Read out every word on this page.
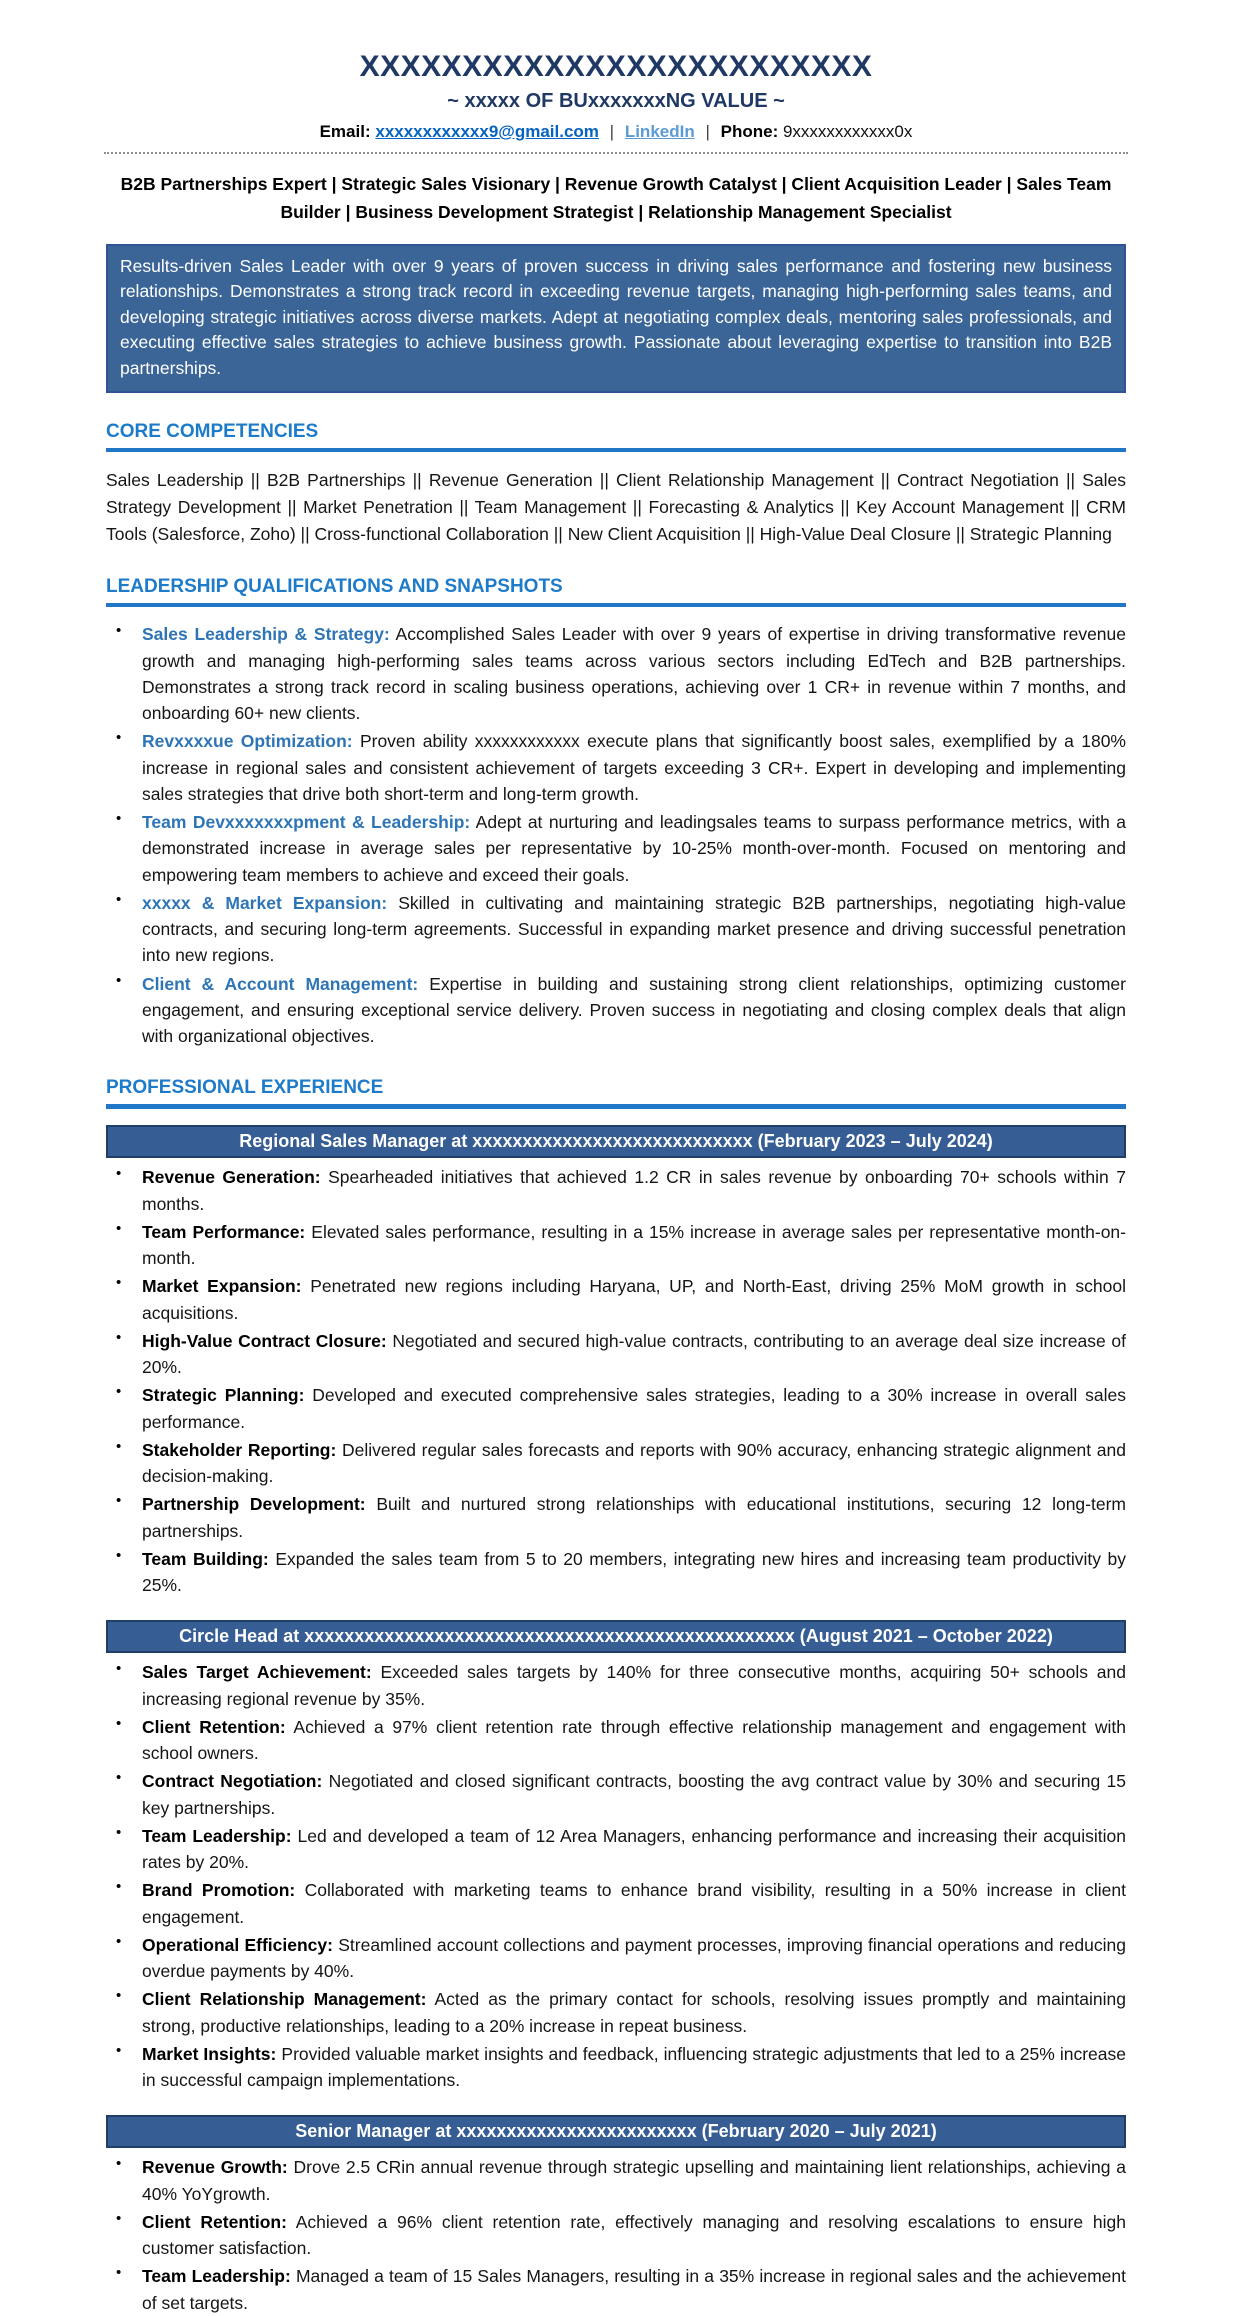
XXXXXXXXXXXXXXXXXXXXXXXXX
~ xxxxx OF BUxxxxxxxNG VALUE ~
Email: xxxxxxxxxxxx9@gmail.com | LinkedIn | Phone: 9xxxxxxxxxxxx0x
B2B Partnerships Expert | Strategic Sales Visionary | Revenue Growth Catalyst | Client Acquisition Leader | Sales Team Builder | Business Development Strategist | Relationship Management Specialist
Results-driven Sales Leader with over 9 years of proven success in driving sales performance and fostering new business relationships. Demonstrates a strong track record in exceeding revenue targets, managing high-performing sales teams, and developing strategic initiatives across diverse markets. Adept at negotiating complex deals, mentoring sales professionals, and executing effective sales strategies to achieve business growth. Passionate about leveraging expertise to transition into B2B partnerships.
CORE COMPETENCIES
Sales Leadership || B2B Partnerships || Revenue Generation || Client Relationship Management || Contract Negotiation || Sales Strategy Development || Market Penetration || Team Management || Forecasting & Analytics || Key Account Management || CRM Tools (Salesforce, Zoho) || Cross-functional Collaboration || New Client Acquisition || High-Value Deal Closure || Strategic Planning
LEADERSHIP QUALIFICATIONS AND SNAPSHOTS
• Sales Leadership & Strategy: Accomplished Sales Leader with over 9 years of expertise in driving transformative revenue growth and managing high-performing sales teams across various sectors including EdTech and B2B partnerships. Demonstrates a strong track record in scaling business operations, achieving over 1 CR+ in revenue within 7 months, and onboarding 60+ new clients.
• Revxxxxue Optimization: Proven ability xxxxxxxxxxxx execute plans that significantly boost sales, exemplified by a 180% increase in regional sales and consistent achievement of targets exceeding 3 CR+. Expert in developing and implementing sales strategies that drive both short-term and long-term growth.
• Team Devxxxxxxxpment & Leadership: Adept at nurturing and leadingsales teams to surpass performance metrics, with a demonstrated increase in average sales per representative by 10-25% month-over-month. Focused on mentoring and empowering team members to achieve and exceed their goals.
• xxxxx & Market Expansion: Skilled in cultivating and maintaining strategic B2B partnerships, negotiating high-value contracts, and securing long-term agreements. Successful in expanding market presence and driving successful penetration into new regions.
• Client & Account Management: Expertise in building and sustaining strong client relationships, optimizing customer engagement, and ensuring exceptional service delivery. Proven success in negotiating and closing complex deals that align with organizational objectives.
PROFESSIONAL EXPERIENCE
Regional Sales Manager at xxxxxxxxxxxxxxxxxxxxxxxxxxxx (February 2023 – July 2024)
• Revenue Generation: Spearheaded initiatives that achieved 1.2 CR in sales revenue by onboarding 70+ schools within 7 months.
• Team Performance: Elevated sales performance, resulting in a 15% increase in average sales per representative month-on-month.
• Market Expansion: Penetrated new regions including Haryana, UP, and North-East, driving 25% MoM growth in school acquisitions.
• High-Value Contract Closure: Negotiated and secured high-value contracts, contributing to an average deal size increase of 20%.
• Strategic Planning: Developed and executed comprehensive sales strategies, leading to a 30% increase in overall sales performance.
• Stakeholder Reporting: Delivered regular sales forecasts and reports with 90% accuracy, enhancing strategic alignment and decision-making.
• Partnership Development: Built and nurtured strong relationships with educational institutions, securing 12 long-term partnerships.
• Team Building: Expanded the sales team from 5 to 20 members, integrating new hires and increasing team productivity by 25%.
Circle Head at xxxxxxxxxxxxxxxxxxxxxxxxxxxxxxxxxxxxxxxxxxxxxxxxx (August 2021 – October 2022)
• Sales Target Achievement: Exceeded sales targets by 140% for three consecutive months, acquiring 50+ schools and increasing regional revenue by 35%.
• Client Retention: Achieved a 97% client retention rate through effective relationship management and engagement with school owners.
• Contract Negotiation: Negotiated and closed significant contracts, boosting the avg contract value by 30% and securing 15 key partnerships.
• Team Leadership: Led and developed a team of 12 Area Managers, enhancing performance and increasing their acquisition rates by 20%.
• Brand Promotion: Collaborated with marketing teams to enhance brand visibility, resulting in a 50% increase in client engagement.
• Operational Efficiency: Streamlined account collections and payment processes, improving financial operations and reducing overdue payments by 40%.
• Client Relationship Management: Acted as the primary contact for schools, resolving issues promptly and maintaining strong, productive relationships, leading to a 20% increase in repeat business.
• Market Insights: Provided valuable market insights and feedback, influencing strategic adjustments that led to a 25% increase in successful campaign implementations.
Senior Manager at xxxxxxxxxxxxxxxxxxxxxxxx (February 2020 – July 2021)
• Revenue Growth: Drove 2.5 CRin annual revenue through strategic upselling and maintaining lient relationships, achieving a 40% YoYgrowth.
• Client Retention: Achieved a 96% client retention rate, effectively managing and resolving escalations to ensure high customer satisfaction.
• Team Leadership: Managed a team of 15 Sales Managers, resulting in a 35% increase in regional sales and the achievement of set targets.
